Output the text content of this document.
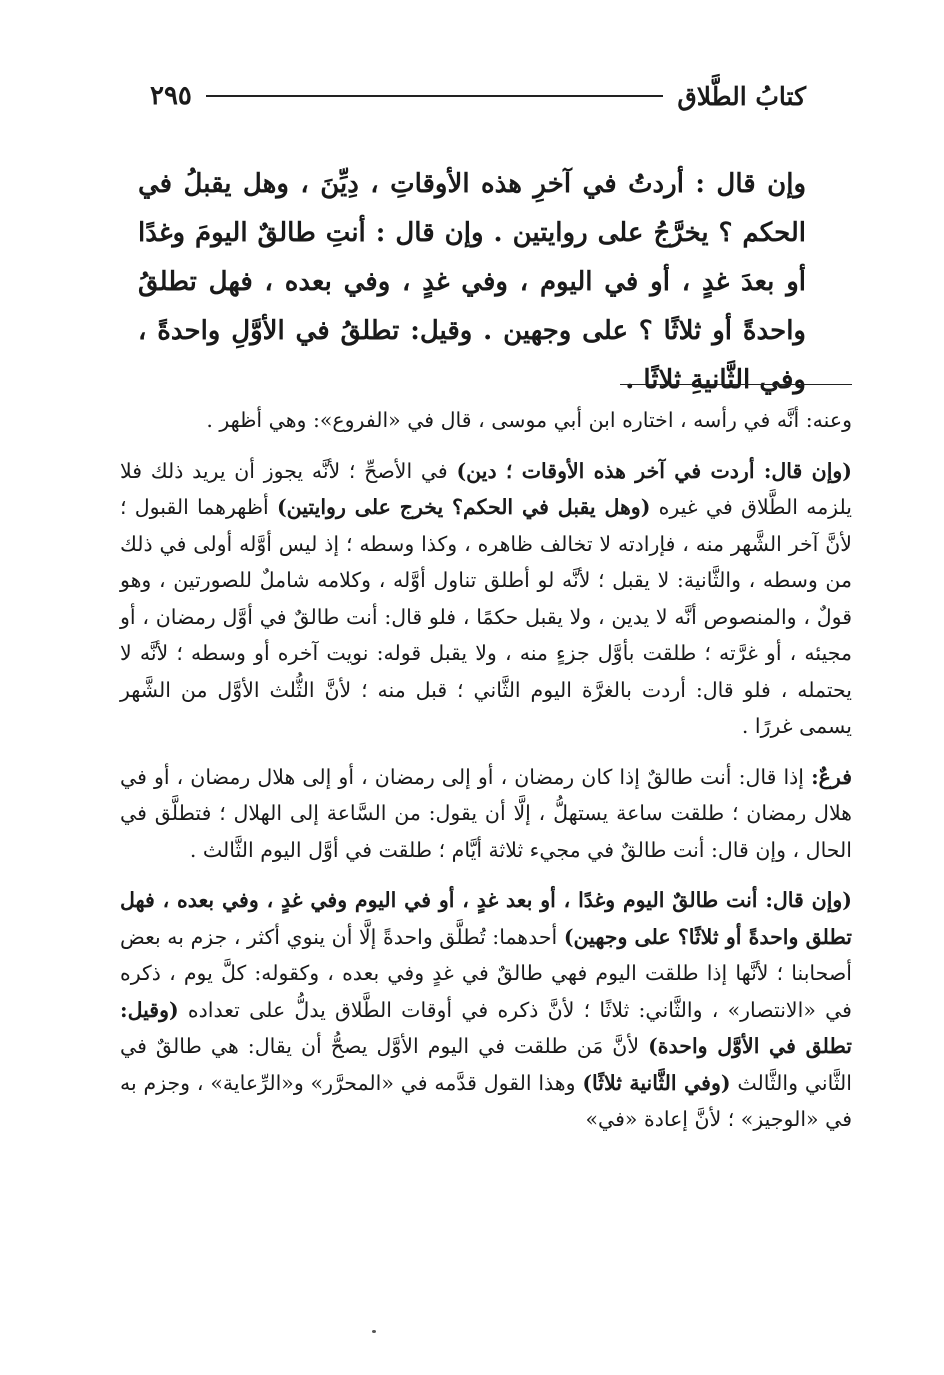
كتابُ الطَّلاق
٢٩٥

وإن قال : أردتُ في آخرِ هذه الأوقاتِ ، دِيِّنَ ، وهل يقبلُ في الحكم ؟ يخرَّجُ على روايتين . وإن قال : أنتِ طالقٌ اليومَ وغدًا أو بعدَ غدٍ ، أو في اليوم ، وفي غدٍ ، وفي بعده ، فهل تطلقُ واحدةً أو ثلاثًا ؟ على وجهين . وقيل: تطلقُ في الأوَّلِ واحدةً ، وفي الثَّانيةِ ثلاثًا .

وعنه: أنَّه في رأسه ، اختاره ابن أبي موسى ، قال في «الفروع»: وهي أظهر .

(وإن قال: أردت في آخر هذه الأوقات ؛ دين) في الأصحِّ ؛ لأنَّه يجوز أن يريد ذلك فلا يلزمه الطَّلاق في غيره (وهل يقبل في الحكم؟ يخرج على روايتين) أظهرهما القبول ؛ لأنَّ آخر الشَّهر منه ، فإرادته لا تخالف ظاهره ، وكذا وسطه ؛ إذ ليس أوَّله أولى في ذلك من وسطه ، والثَّانية: لا يقبل ؛ لأنَّه لو أطلق تناول أوَّله ، وكلامه شاملٌ للصورتين ، وهو قولٌ ، والمنصوص أنَّه لا يدين ، ولا يقبل حكمًا ، فلو قال: أنت طالقٌ في أوَّل رمضان ، أو مجيئه ، أو غرَّته ؛ طلقت بأوَّل جزءٍ منه ، ولا يقبل قوله: نويت آخره أو وسطه ؛ لأنَّه لا يحتمله ، فلو قال: أردت بالغرَّة اليوم الثَّاني ؛ قبل منه ؛ لأنَّ الثُّلث الأوَّل من الشَّهر يسمى غررًا .

فرعٌ: إذا قال: أنت طالقٌ إذا كان رمضان ، أو إلى رمضان ، أو إلى هلال رمضان ، أو في هلال رمضان ؛ طلقت ساعة يستهلُّ ، إلَّا أن يقول: من السَّاعة إلى الهلال ؛ فتطلَّق في الحال ، وإن قال: أنت طالقٌ في مجيء ثلاثة أيَّام ؛ طلقت في أوَّل اليوم الثَّالث .

(وإن قال: أنت طالقٌ اليوم وغدًا ، أو بعد غدٍ ، أو في اليوم وفي غدٍ ، وفي بعده ، فهل تطلق واحدةً أو ثلاثًا؟ على وجهين) أحدهما: تُطلَّق واحدةً إلَّا أن ينوي أكثر ، جزم به بعض أصحابنا ؛ لأنَّها إذا طلقت اليوم فهي طالقٌ في غدٍ وفي بعده ، وكقوله: كلَّ يوم ، ذكره في «الانتصار» ، والثَّاني: ثلاثًا ؛ لأنَّ ذكره في أوقات الطَّلاق يدلُّ على تعداده (وقيل: تطلق في الأوَّل واحدة) لأنَّ مَن طلقت في اليوم الأوَّل يصحُّ أن يقال: هي طالقٌ في الثَّاني والثَّالث (وفي الثَّانية ثلاثًا) وهذا القول قدَّمه في «المحرَّر» و«الرِّعاية» ، وجزم به في «الوجيز» ؛ لأنَّ إعادة «في»
